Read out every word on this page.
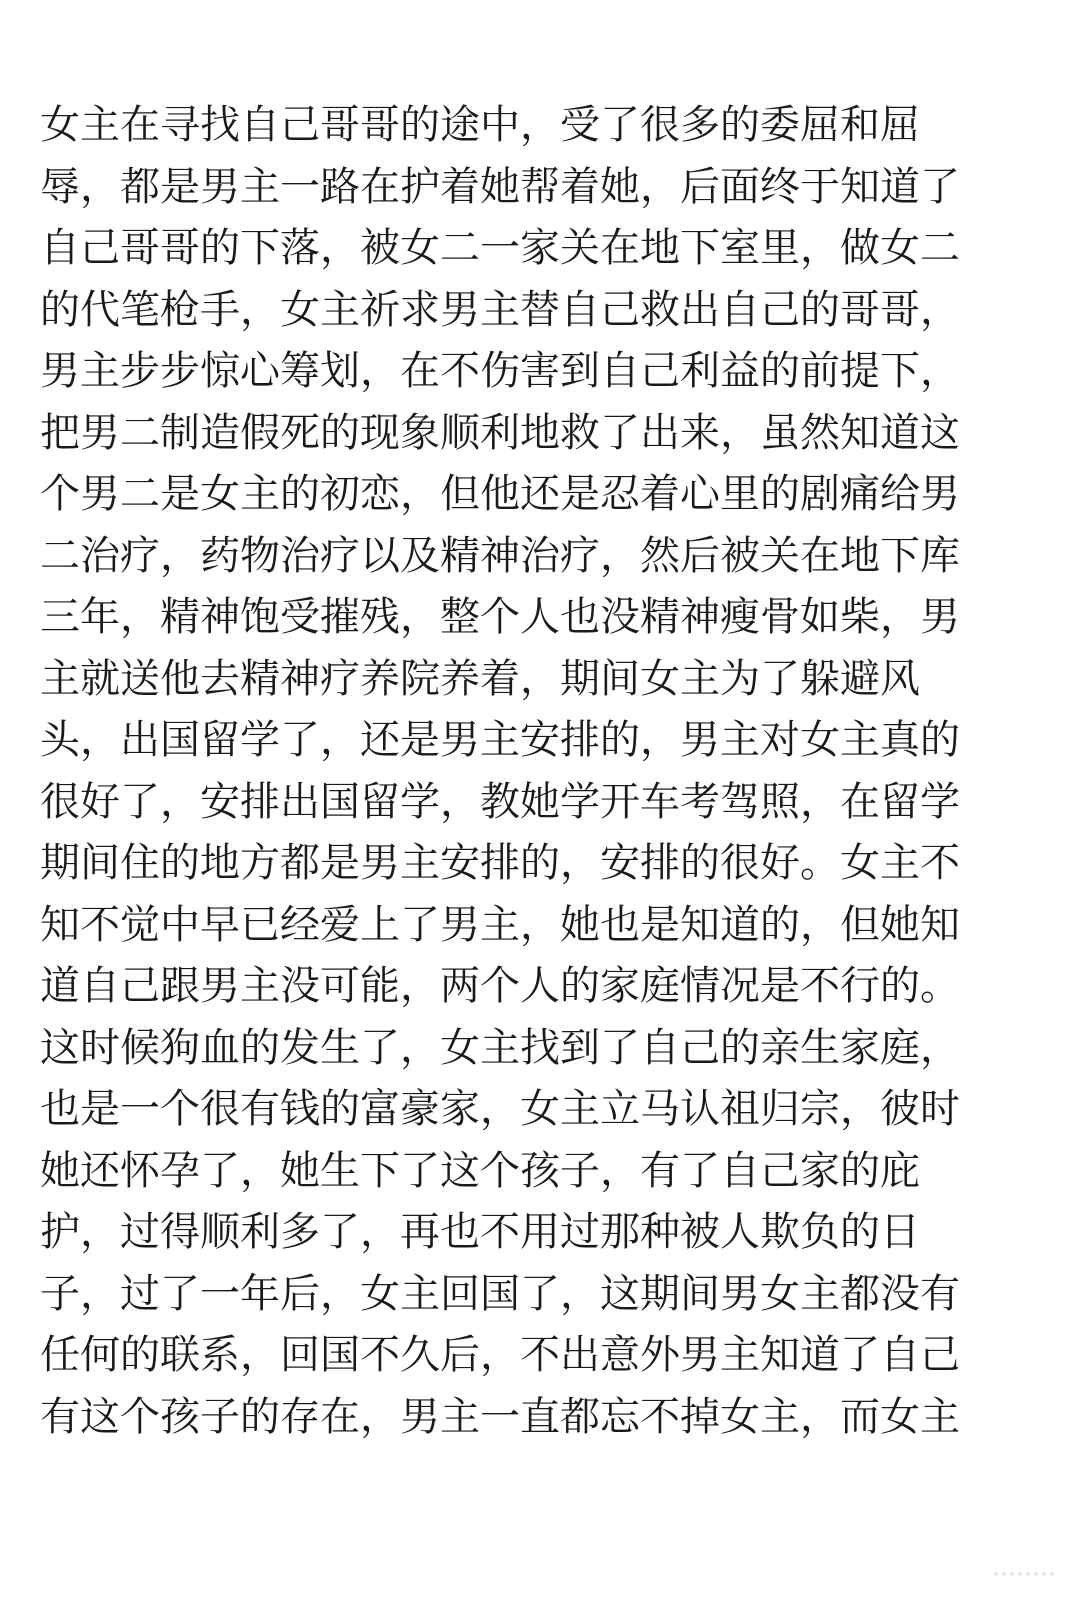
女主在寻找自己哥哥的途中，受了很多的委屈和屈
辱，都是男主一路在护着她帮着她，后面终于知道了
自己哥哥的下落，被女二一家关在地下室里，做女二
的代笔枪手，女主祈求男主替自己救出自己的哥哥，
男主步步惊心筹划，在不伤害到自己利益的前提下，
把男二制造假死的现象顺利地救了出来，虽然知道这
个男二是女主的初恋，但他还是忍着心里的剧痛给男
二治疗，药物治疗以及精神治疗，然后被关在地下库
三年，精神饱受摧残，整个人也没精神瘦骨如柴，男
主就送他去精神疗养院养着，期间女主为了躲避风
头，出国留学了，还是男主安排的，男主对女主真的
很好了，安排出国留学，教她学开车考驾照，在留学
期间住的地方都是男主安排的，安排的很好。女主不
知不觉中早已经爱上了男主，她也是知道的，但她知
道自己跟男主没可能，两个人的家庭情况是不行的。
这时候狗血的发生了，女主找到了自己的亲生家庭，
也是一个很有钱的富豪家，女主立马认祖归宗，彼时
她还怀孕了，她生下了这个孩子，有了自己家的庇
护，过得顺利多了，再也不用过那种被人欺负的日
子，过了一年后，女主回国了，这期间男女主都没有
任何的联系，回国不久后，不出意外男主知道了自己
有这个孩子的存在，男主一直都忘不掉女主，而女主
